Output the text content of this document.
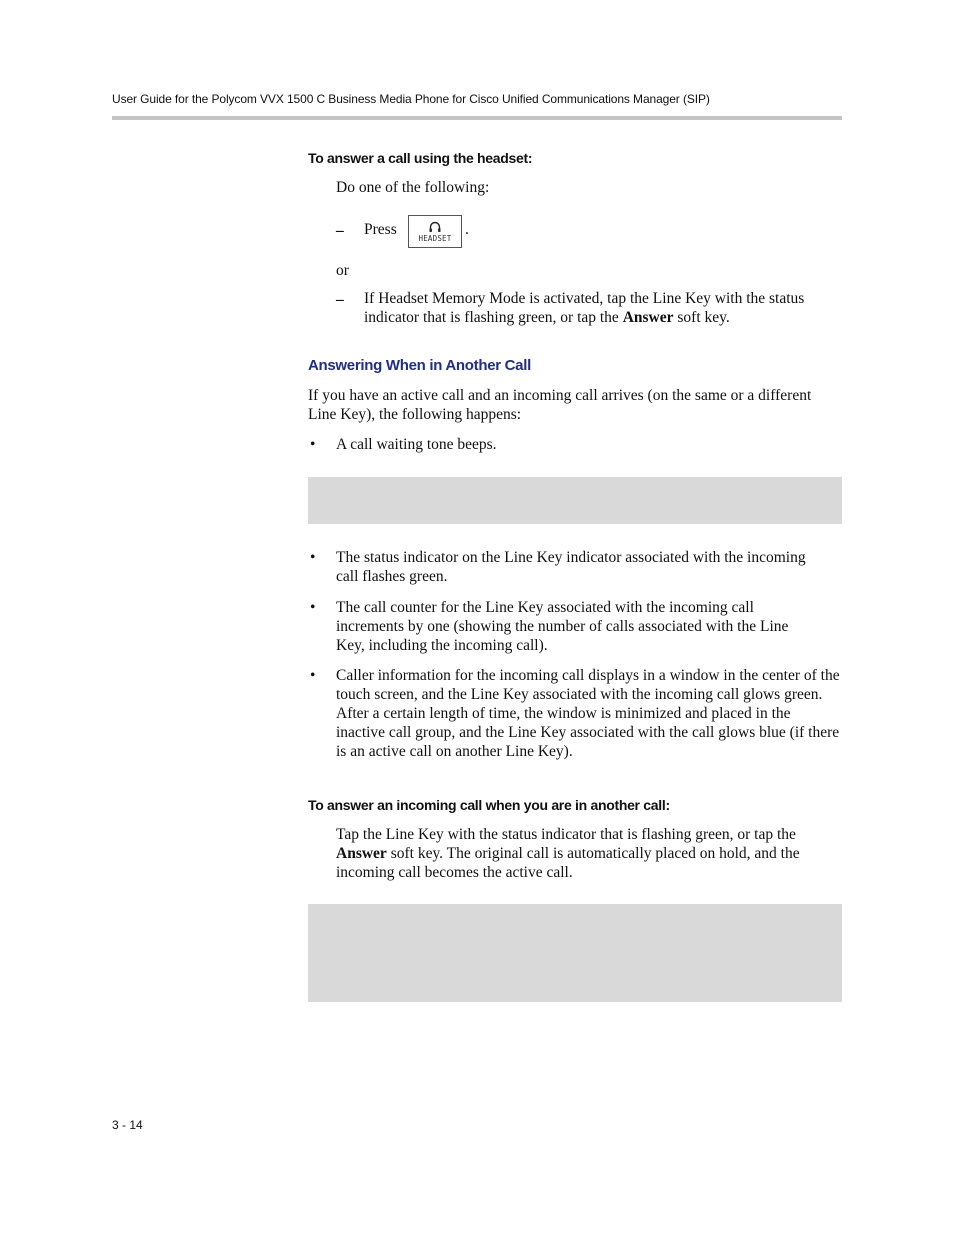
User Guide for the Polycom VVX 1500 C Business Media Phone for Cisco Unified Communications Manager (SIP)
To answer a call using the headset:
Do one of the following:
– Press	HEADSET .
or
– If Headset Memory Mode is activated, tap the Line Key with the status indicator that is flashing green, or tap the Answer soft key.
Answering When in Another Call
If you have an active call and an incoming call arrives (on the same or a different Line Key), the following happens:
• A call waiting tone beeps.
• The status indicator on the Line Key indicator associated with the incoming call flashes green.
• The call counter for the Line Key associated with the incoming call increments by one (showing the number of calls associated with the Line Key, including the incoming call).
• Caller information for the incoming call displays in a window in the center of the touch screen, and the Line Key associated with the incoming call glows green. After a certain length of time, the window is minimized and placed in the inactive call group, and the Line Key associated with the call glows blue (if there is an active call on another Line Key).
To answer an incoming call when you are in another call:
Tap the Line Key with the status indicator that is flashing green, or tap the Answer soft key. The original call is automatically placed on hold, and the incoming call becomes the active call.
3 - 14
